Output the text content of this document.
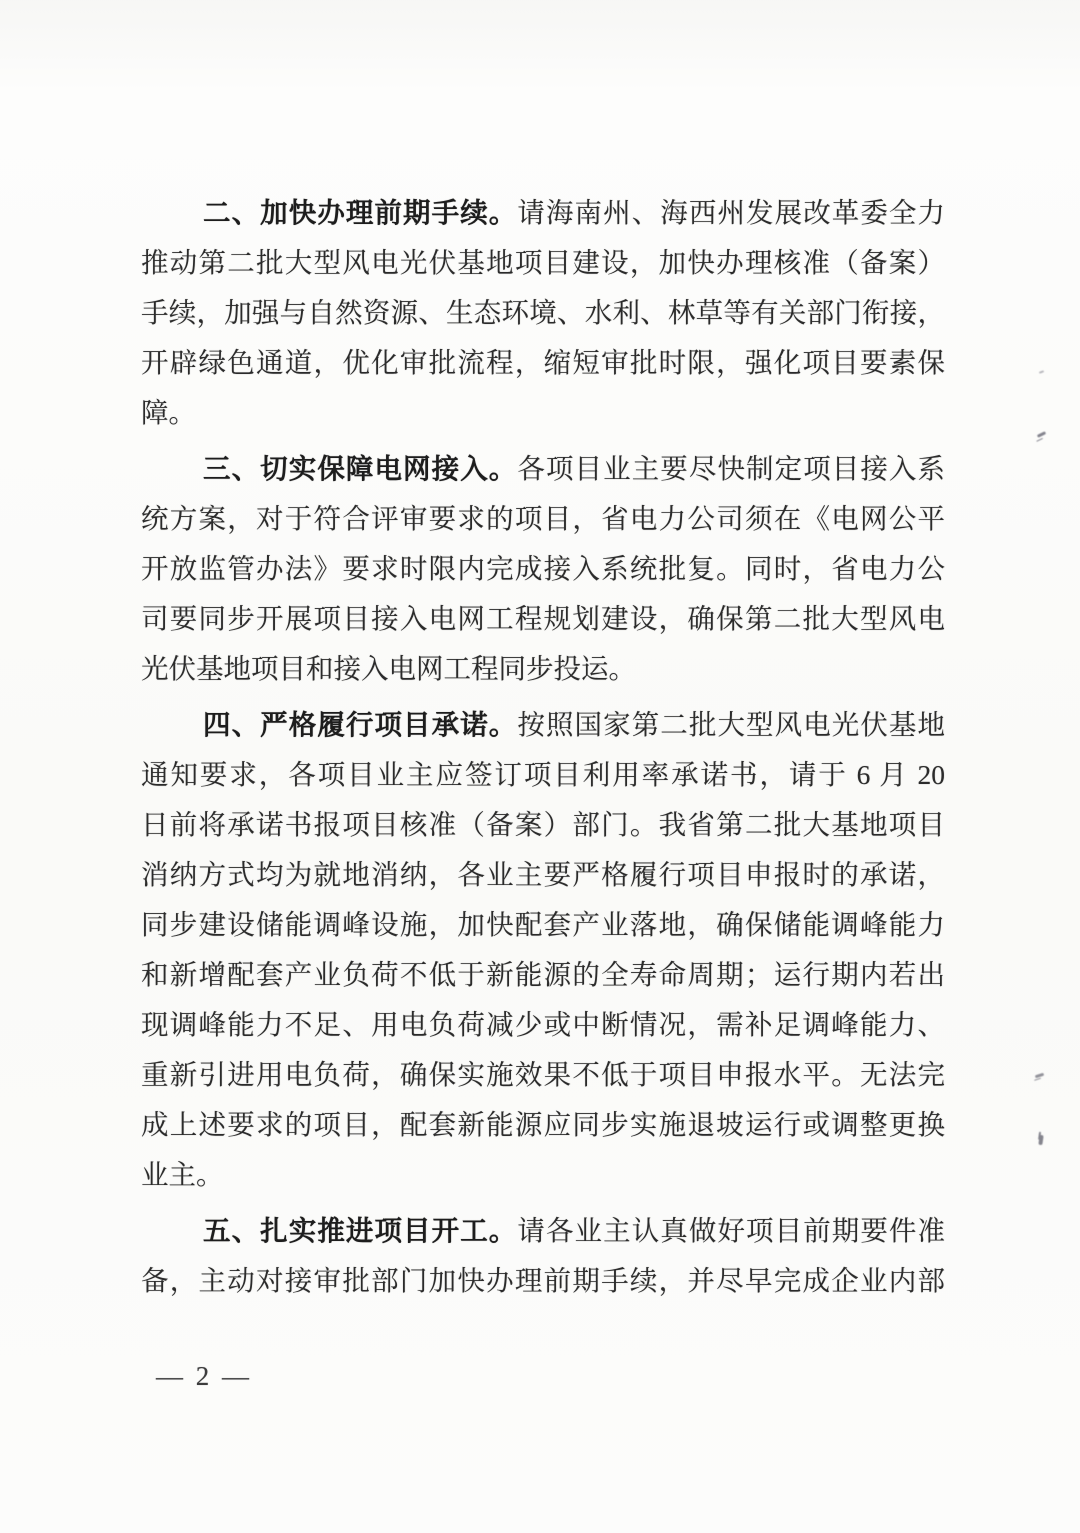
二、加快办理前期手续。请海南州、海西州发展改革委全力
推动第二批大型风电光伏基地项目建设，加快办理核准（备案）
手续，加强与自然资源、生态环境、水利、林草等有关部门衔接，
开辟绿色通道，优化审批流程，缩短审批时限，强化项目要素保
障。
三、切实保障电网接入。各项目业主要尽快制定项目接入系
统方案，对于符合评审要求的项目，省电力公司须在《电网公平
开放监管办法》要求时限内完成接入系统批复。同时，省电力公
司要同步开展项目接入电网工程规划建设，确保第二批大型风电
光伏基地项目和接入电网工程同步投运。
四、严格履行项目承诺。按照国家第二批大型风电光伏基地
通知要求，各项目业主应签订项目利用率承诺书，请于 6 月 20
日前将承诺书报项目核准（备案）部门。我省第二批大基地项目
消纳方式均为就地消纳，各业主要严格履行项目申报时的承诺，
同步建设储能调峰设施，加快配套产业落地，确保储能调峰能力
和新增配套产业负荷不低于新能源的全寿命周期；运行期内若出
现调峰能力不足、用电负荷减少或中断情况，需补足调峰能力、
重新引进用电负荷，确保实施效果不低于项目申报水平。无法完
成上述要求的项目，配套新能源应同步实施退坡运行或调整更换
业主。
五、扎实推进项目开工。请各业主认真做好项目前期要件准
备，主动对接审批部门加快办理前期手续，并尽早完成企业内部
— 2 —
